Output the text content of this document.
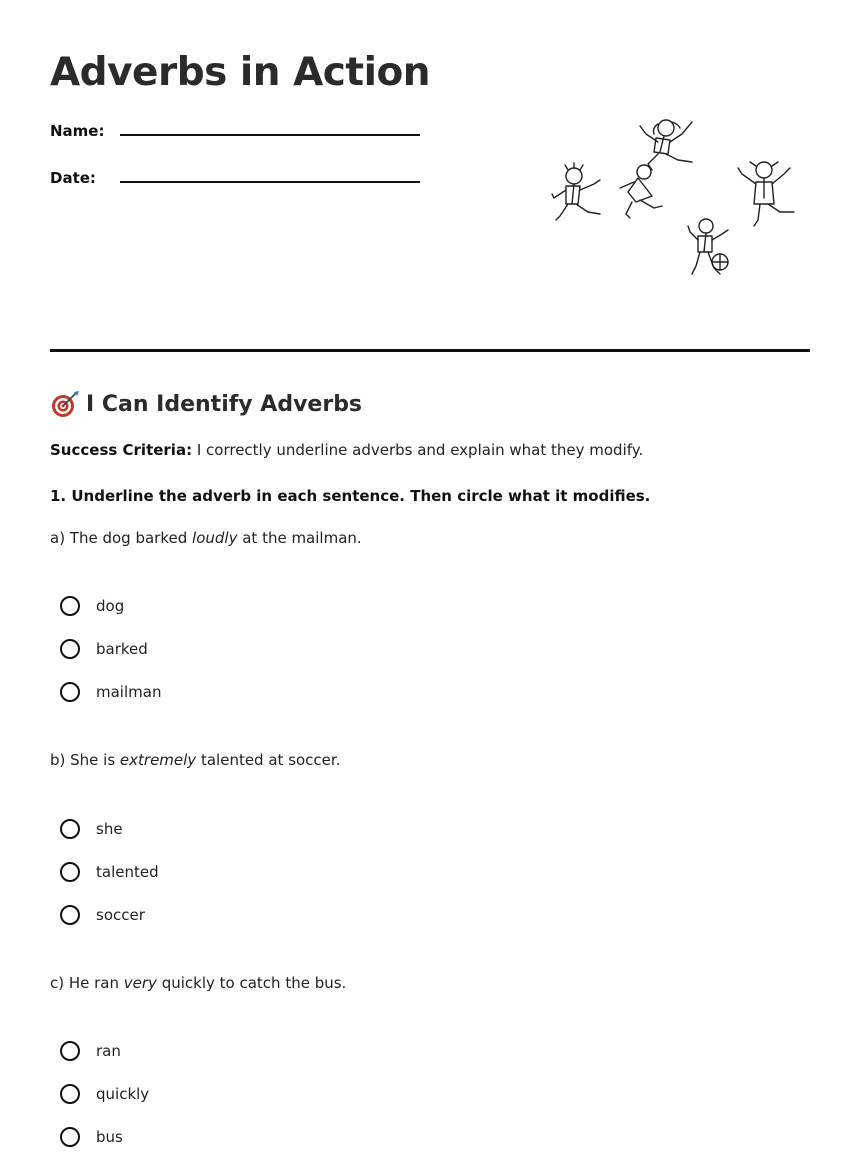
Adverbs in Action
Name:
Date:
I Can Identify Adverbs
Success Criteria: I correctly underline adverbs and explain what they modify.
1. Underline the adverb in each sentence. Then circle what it modifies.
a) The dog barked loudly at the mailman.
dog
barked
mailman
b) She is extremely talented at soccer.
she
talented
soccer
c) He ran very quickly to catch the bus.
ran
quickly
bus
